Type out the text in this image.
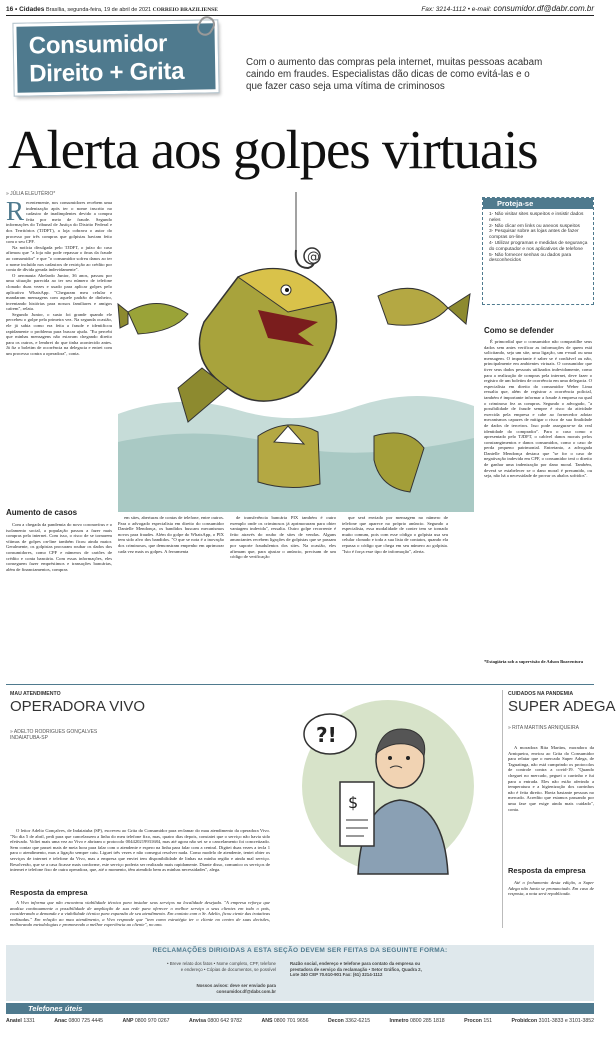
16 • Cidades Brasília, segunda-feira, 19 de abril de 2021 CORREIO BRAZILIENSE	Fax: 3214-1112 • e-mail: consumidor.df@dabr.com.br
Consumidor
Direito + Grita	Com o aumento das compras pela internet, muitas pessoas acabam caindo em fraudes. Especialistas dão dicas de como evitá-las e o que fazer caso seja uma vítima de criminosos
Alerta aos golpes virtuais
» JÚLIA ELEUTÉRIO*
Recentemente, nos consumidores recebem uma indenização após ter o nome inscrito no cadastro de inadimplentes devido a compra feita por meio de fraude. Segundo informações do Tribunal de Justiça do Distrito Federal e dos Territórios (TJDFT), a loja cobrava o autor do processo por três compras que golpistas haviam feito com o seu CPF.
Na notícia divulgada pelo TJDFT, o juízo do caso afirmou que "a loja não pode repassar o ônus da fraude ao consumidor" e que "o consumidor sofreu danos ao ter o nome incluído nos cadastros de restrição ao crédito por conta de dívida gerada indevidamente".
O aeronauta Abelardo Junior, 36 anos, passou por uma situação parecida ao ter seu número de telefone clonado duas vezes e usado para aplicar golpes pelo aplicativo WhatsApp. "Chegaram meu celular e mandaram mensagens com aquele padrão de dinheiro, inventando histórias para nossos familiares e amigos caírem", relata.
Segundo Junior, o susto foi grande quando ele percebeu o golpe pela primeira vez. Na segunda ocasião, ele já sabia como era feita a fraude e identificou rapidamente o problema para buscar ajuda. "Eu percebi que minhas mensagens não estavam chegando direito para os outros, e lembrei do que tinha acontecido antes. Já fiz o boletim de ocorrência na delegacia e entrei com um processo contra a operadora", conta.
Aumento de casos
Com a chegada da pandemia do novo coronavírus e o isolamento social, a população passou a fazer mais compras pela internet. Com isso, o risco de se tornarem vítimas de golpes on-line também ficou ainda maior. Geralmente, os golpistas procuram roubar os dados dos consumidores, como CPF e números de cartões de crédito e conta bancária. Com essas informações, eles conseguem fazer empréstimos e transações bancárias, além de financiamentos, compras
em sites, aberturas de contas de telefone, entre outros. Para o advogado especialista em direito do consumidor Danielle Mendonça, os bandidos buscam mecanismos novos para fraudes. Além do golpe do WhatsApp, o PIX tem sido alvo dos bandidos. "O que se nota é a inovação dos criminosos, que demonstram empenho em aprimorar cada vez mais os golpes. A ferramenta
de transferência bancária PIX também é outro exemplo onde os criminosos já aprimoraram para obter vantagem indevida", ressalta. Outro golpe recorrente é feito através do roubo de sites de vendas. Alguns anunciantes recebem ligações de golpistas que se passam por suporte fraudulentos dos sites. Na ocasião, eles afirmam que, para ajustar o anúncio, precisam de um código de verificação
que será enviado por mensagem no número de telefone que aparece no próprio anúncio. Segundo a especialista, essa modalidade de conter tem se tornado muito comum, pois com esse código o golpista usa seu celular clonado e toda a sua lista de contatos, quando ela repassa o código que chega em seu número ao golpista. "Isto é força esse tipo de informação", alerta.
@
Proteja-se
1- Não visitar sites suspeitos e insistir dados neles
2- Não clicar em links ou anexos suspeitos
3- Pesquisar sobre as lojas antes de fazer compras on-line
4- Utilizar programas e medidas de segurança do computador e nos aplicativos de telefone
5- Não fornecer senhas ou dados para desconhecidos
Como se defender
É primordial que o consumidor não compartilhe seus dados sem antes verificar as informações de quem está solicitando, seja um site, uma ligação, um e-mail ou uma mensagem. O importante é saber se é confiável ou não, principalmente em ambientes virtuais. O consumidor que tiver seus dados pessoais utilizados indevidamente, como para a realização de compras pela internet, deve fazer o registro de um boletim de ocorrência em uma delegacia. O especialista em direito do consumidor Weber Lima ressalta que, além de registrar a ocorrência policial, também é importante informar a fraude à empresa na qual o criminoso fez as compras. Segundo o advogado, "a possibilidade de fraude sempre é risco da atividade exercida pela empresa e cabe ao fornecedor adotar mecanismos capazes de mitigar o risco de sua finalidade de dados de terceiros. Isso pode assegurar-se da real identidade do comprador". Para o caso como o apresentado pelo TJDFT, o cabível danos morais pelos constrangimentos e danos consumidos, como o caso de perda pequeno patrimonial. Entretanto, a advogada Danielle Mendonça destaca que "se for o caso de negativação indevida em CPF, o consumidor terá o direito de ganhar uma indenização por dano moral. Também, deverá se estabelecer se o dano moral é presumido, ou seja, não há a necessidade de provar os abalos sofridos".
*Estagiária sob a supervisão de Adson Boaventura
MAU ATENDIMENTO
OPERADORA VIVO
» ADELTO RODRIGUES GONÇALVES INDAIATUBA-SP	?!
$
O leitor Adelto Gonçalves, de Indaiatuba (SP), escreveu ao Grita do Consumidor para reclamar do mau atendimento da operadora Vivo. "No dia 5 de abril, pedi para que cancelassem a linha do meu telefone fixo, mas, quatro dias depois, constatei que o serviço não havia sido efetivado. Voltei mais uma vez ao Vivo e abriram o protocolo 004420219931684, mas até agora não sei se o cancelamento foi concretizado. Sem contar que passei mais de meia hora para falar com o atendente e espero na linha para falar com a central. Digitei duas vezes a tecla 1 para o atendimento, mas a ligação sempre caiu. Liguei três vezes e não consegui resolver nada. Como modelo de atendente, tentei obter os serviços de internet e telefone da Vivo, mas a empresa que enviei tem disponibilidade de linhas na minha região e ainda mal serviço. Resolverão, que se a casa ficasse mais conforme, este serviço poderia ser realizado mais rapidamente. Diante disso, comunico os serviços de internet e telefone fixo de outra operadora, que, até o momento, têm atendido bem as minhas necessidades", alega.
Resposta da empresa
A Vivo informa que não encontrou viabilidade técnica para instalar seus serviços na localidade desejada. "A empresa reforça que analisa continuamente a possibilidade de ampliação de sua rede para oferecer o melhor serviço a seus clientes em todo o país, considerando a demanda e a viabilidade técnica para expansão de seu atendimento. Em contato com o Sr. Adelto, ficou ciente das tratativas realizadas." Em relação ao mau atendimento, a Vivo responde que "tem como estratégia ter o cliente no centro de suas decisões, melhorando metodologias e promovendo a melhor experiência ao cliente", no ano.
CUIDADOS NA PANDEMIA
SUPER ADEGA
» RITA MARTINS ARNIQUEIRA
A moradora Rita Martins, moradora da Arniqueira, enviou ao Grita do Consumidor para relatar que o mercado Super Adega, de Taguatinga, não está cumprindo os protocolos de controle contra a covid-19. "Quando cheguei no mercado, peguei o carrinho e fui para a entrada. Eles não estão aferindo a temperatura e a higienização dos carrinhos não é feita direito. Havia bastante pessoas no mercado. Acredito que estamos passando por uma fase que exige ainda mais cuidado", conta.
Resposta da empresa
Até o fechamento desta edição, a Super Adega não havia se pronunciado. Em caso de resposta, a nota será republicada.
RECLAMAÇÕES DIRIGIDAS A ESTA SEÇÃO DEVEM SER FEITAS DA SEGUINTE FORMA:
• Breve relato dos fatos • Nome completo, CPF, telefone e endereço • Cópias de documentos, se possível
Nossos avisos: deve ser enviado para consumidor.df@dabr.com.br
Razão social, endereço e telefone para contato da empresa ou prestadora de serviço da reclamação • Setor Gráfico, Quadra 2, Lote 340 CEP 70.610-901 Fax: (61) 3214-1112
Telefones úteis
Anatel 1331	Anac 0800 725 4445	ANP 0800 970 0267	Anvisa 0800 642 9782	ANS 0800 701 9656	Decon 3362-6215	Inmetro 0800 285 1818	Procon 151	Probidcon 3101-3833 e 3101-3852
